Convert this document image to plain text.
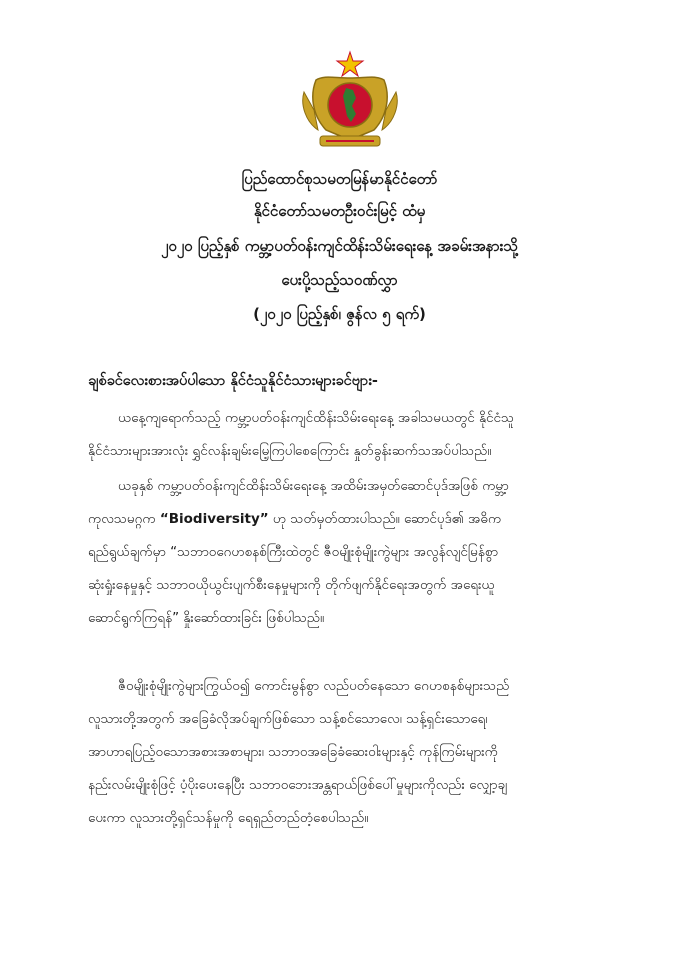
ပြည်ထောင်စုသမတမြန်မာနိုင်ငံတော်
နိုင်ငံတော်သမတဦးဝင်းမြင့် ထံမှ
၂၀၂၀ ပြည့်နှစ် ကမ္ဘာ့ပတ်ဝန်းကျင်ထိန်းသိမ်းရေးနေ့ အခမ်းအနားသို့
ပေးပို့သည့်သဝဏ်လွှာ
(၂၀၂၀ ပြည့်နှစ်၊ ဇွန်လ ၅ ရက်)
ချစ်ခင်လေးစားအပ်ပါသော နိုင်ငံသူနိုင်ငံသားများခင်ဗျား-
ယနေ့ကျရောက်သည့် ကမ္ဘာ့ပတ်ဝန်းကျင်ထိန်းသိမ်းရေးနေ့ အခါသမယတွင် နိုင်ငံသူ
နိုင်ငံသားများအားလုံး ရွှင်လန်းချမ်းမြေ့ကြပါစေကြောင်း နှုတ်ခွန်းဆက်သအပ်ပါသည်။
ယခုနှစ် ကမ္ဘာ့ပတ်ဝန်းကျင်ထိန်းသိမ်းရေးနေ့ အထိမ်းအမှတ်ဆောင်ပုဒ်အဖြစ် ကမ္ဘာ့
ကုလသမဂ္ဂက “Biodiversity” ဟု သတ်မှတ်ထားပါသည်။ ဆောင်ပုဒ်၏ အဓိက
ရည်ရွယ်ချက်မှာ “သဘာဝဂေဟစနစ်ကြီးထဲတွင် ဇီဝမျိုးစုံမျိုးကွဲများ အလွန်လျင်မြန်စွာ
ဆုံးရှုံးနေမှုနှင့် သဘာဝယိုယွင်းပျက်စီးနေမှုများကို တိုက်ဖျက်နိုင်ရေးအတွက် အရေးယူ
ဆောင်ရွက်ကြရန်” နှိုးဆော်ထားခြင်း ဖြစ်ပါသည်။
ဇီဝမျိုးစုံမျိုးကွဲများကြွယ်ဝ၍ ကောင်းမွန်စွာ လည်ပတ်နေသော ဂေဟစနစ်များသည်
လူသားတို့အတွက် အခြေခံလိုအပ်ချက်ဖြစ်သော သန့်စင်သောလေ၊ သန့်ရှင်းသောရေ၊
အာဟာရပြည့်ဝသောအစားအစာများ၊ သဘာဝအခြေခံဆေးဝါးများနှင့် ကုန်ကြမ်းများကို
နည်းလမ်းမျိုးစုံဖြင့် ပံ့ပိုးပေးနေပြီး သဘာဝဘေးအန္တရာယ်ဖြစ်ပေါ်မှုများကိုလည်း လျှော့ချ
ပေးကာ လူသားတို့ရှင်သန်မှုကို ရေရှည်တည်တံ့စေပါသည်။
